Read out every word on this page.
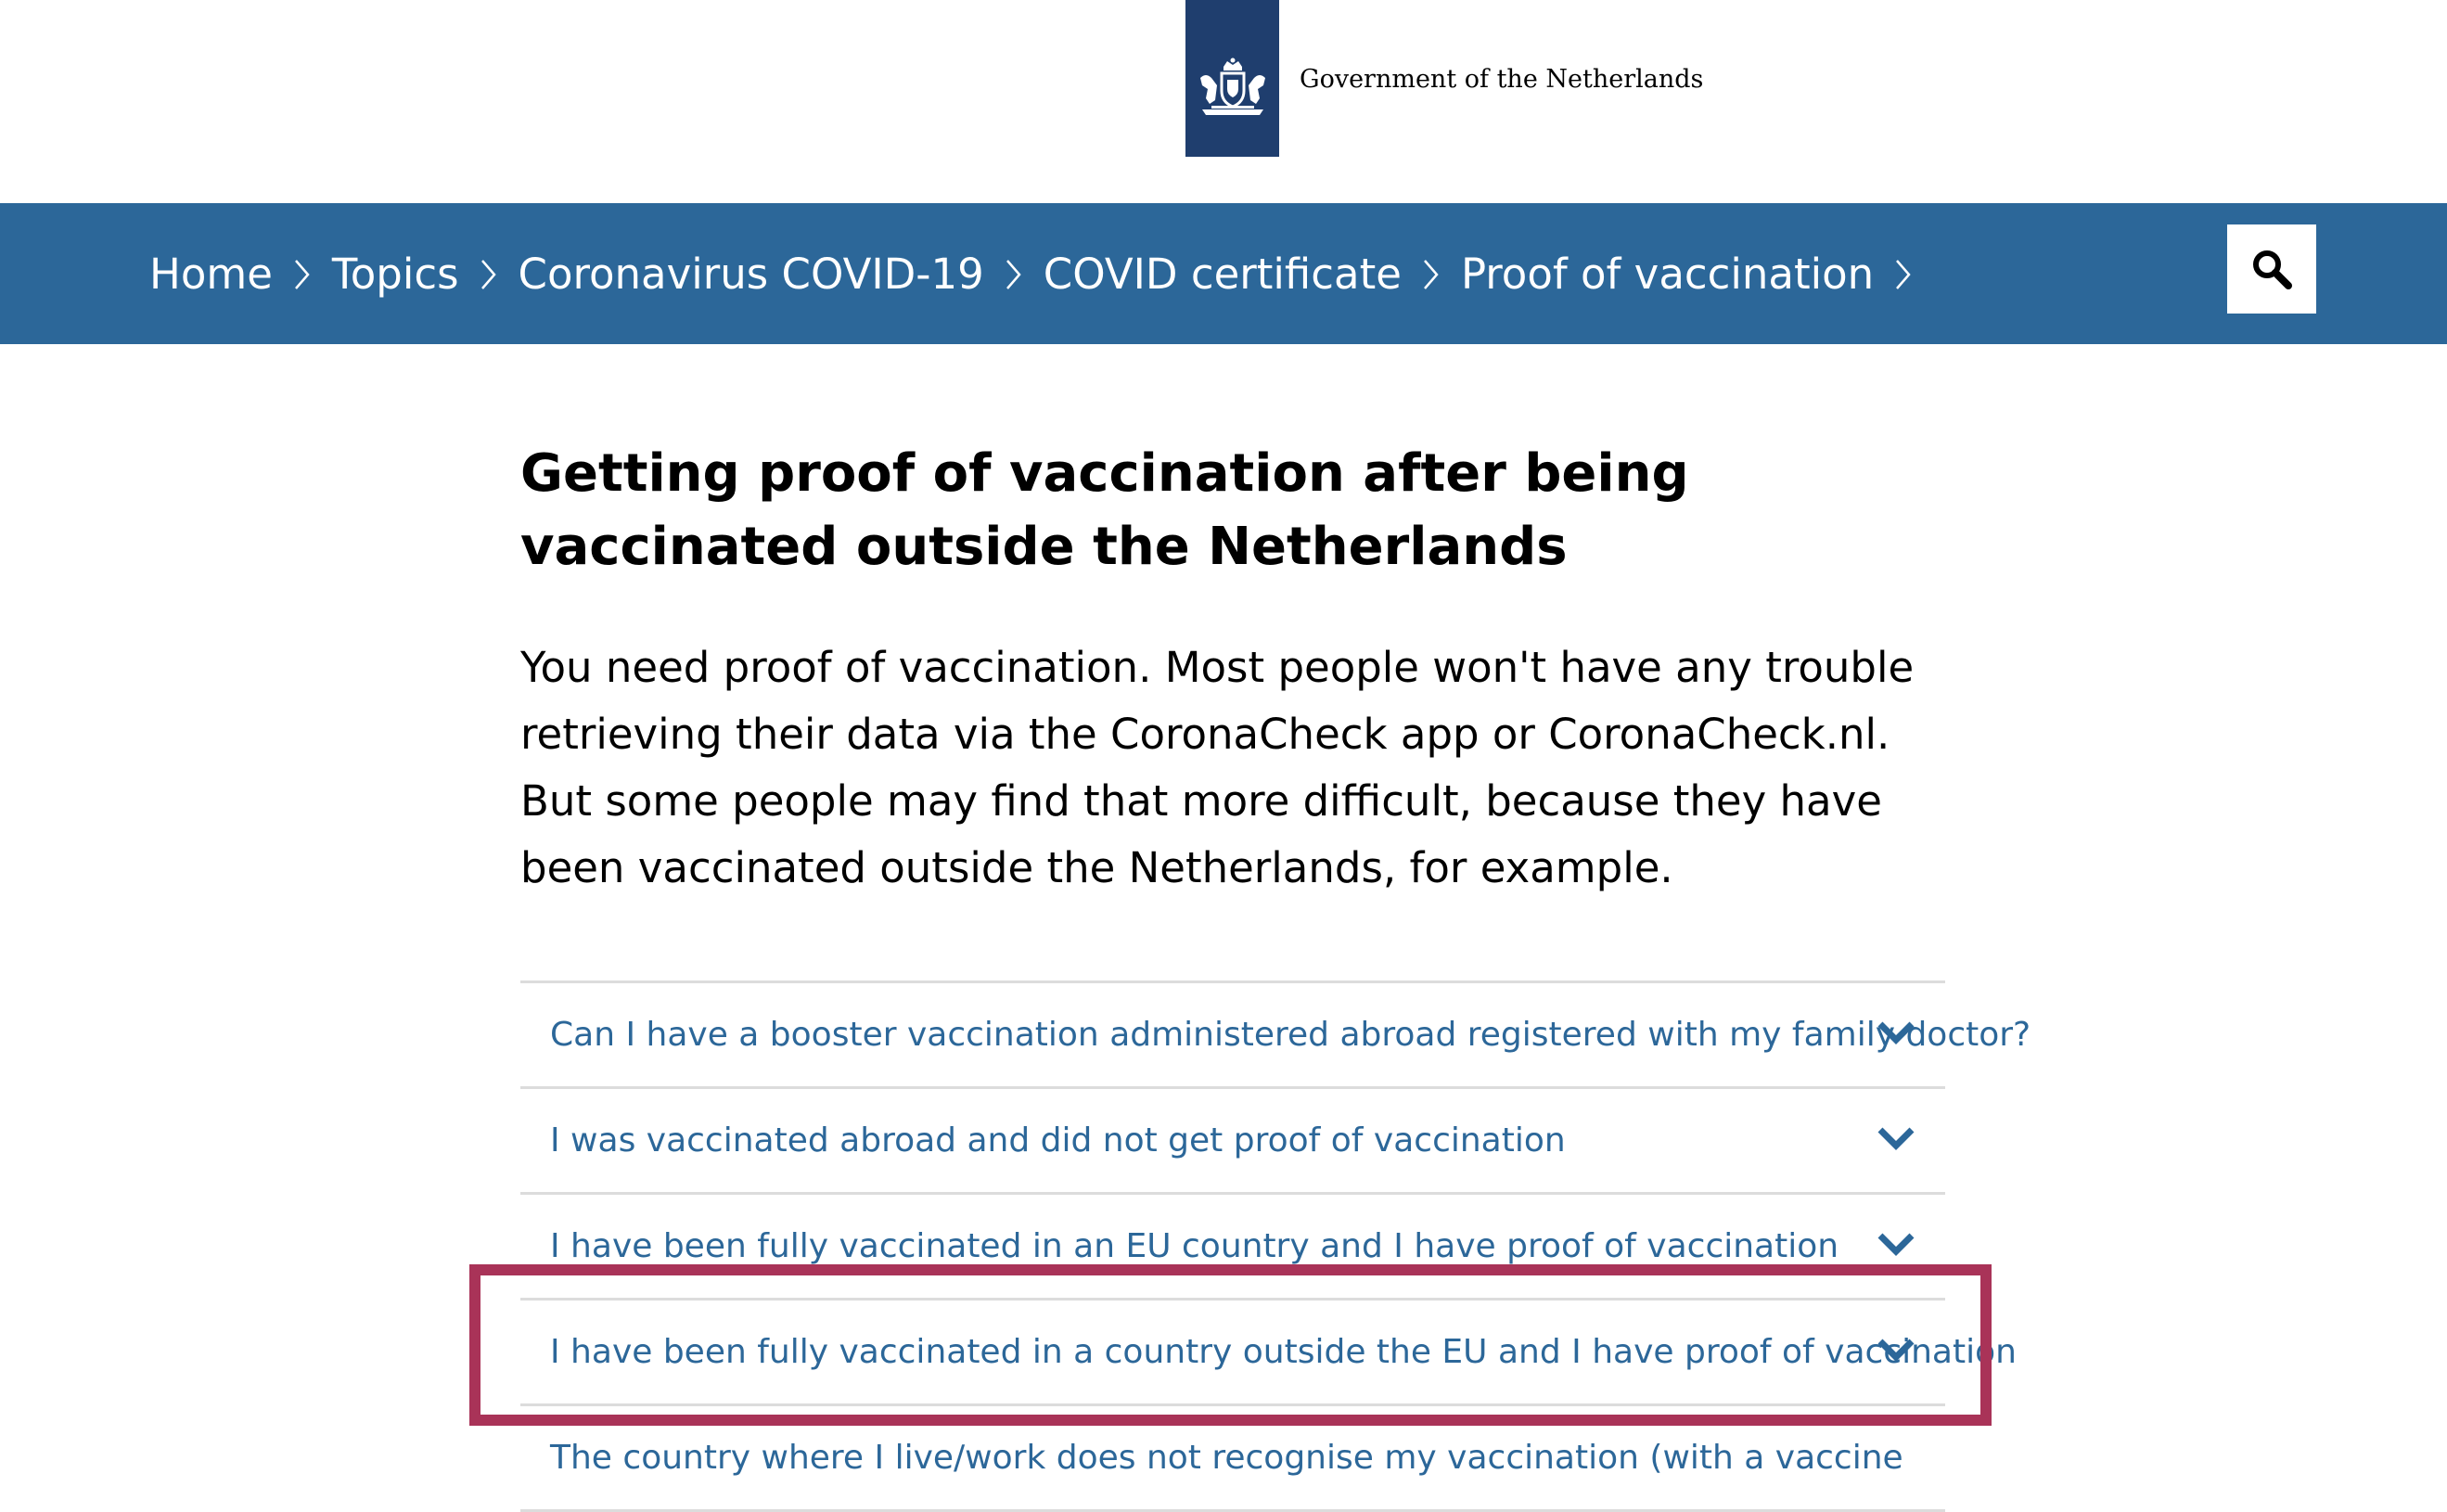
Government of the Netherlands
Home Topics Coronavirus COVID-19 COVID certificate Proof of vaccination
Getting proof of vaccination after being vaccinated outside the Netherlands

You need proof of vaccination. Most people won't have any trouble retrieving their data via the CoronaCheck app or CoronaCheck.nl. But some people may find that more difficult, because they have been vaccinated outside the Netherlands, for example.

Can I have a booster vaccination administered abroad registered with my family doctor?
I was vaccinated abroad and did not get proof of vaccination
I have been fully vaccinated in an EU country and I have proof of vaccination
I have been fully vaccinated in a country outside the EU and I have proof of vaccination
The country where I live/work does not recognise my vaccination (with a vaccine
